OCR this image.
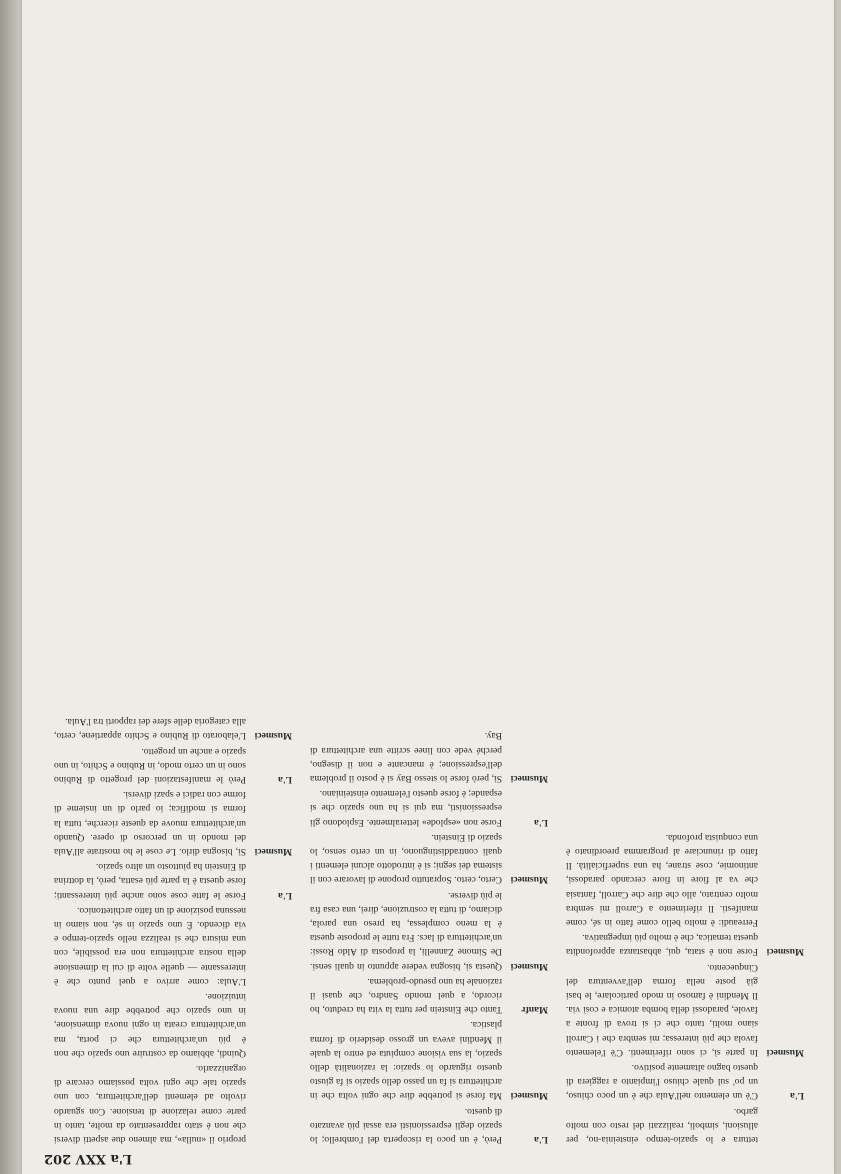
L'a XXV 202
tettura e lo spazio-tempo einsteinia-no, per allusioni, simboli, realizzati del resto con molto garbo.
L'a
C'è un elemento nell'Aula che è un poco chiuso, un po' sul quale chiuso l'impianto a raggiera di questo bagno altamente positivo.
Musmeci
In parte sì, ci sono riferimenti. C'è l'elemento favola che più interessa; mi sembra che i Carroll siano molti, tanto che ci si trova di fronte a favole, paradossi della bomba atomica e così via. Il Mendini è famoso in modo particolare, le basi già poste nella forma dell'avventura del Cinquecento.
Musmeci
Forse non è stata, qui, abbastanza approfondita questa tematica, che è molto più impegnativa.
Ferreaudi: è molto bello come fatto in sé, come manifesti. Il riferimento a Carroll mi sembra molto centrato, allo che dire che Carroll, fantasia che va al fiore in fiore cercando paradossi, antinomie, cose strane, ha una superficialità. Il fatto di rinunciare al programma preordinato è una conquista profonda.
L'a
Però, è un poco la riscoperta del l'ombrello; lo spazio degli espressionisti era assai più avanzato di questo.
Musmeci
Ma forse si potrebbe dire che ogni volta che in architettura si fa un passo dello spazio si fa giusto questo riguardo lo spazio: la razionalità dello spazio, la sua visione compiuta ed entro la quale il Mendini aveva un grosso desiderio di forma plastica.
Manfr
Tanto che Einstein per tutta la vita ha creduto, ho ricordo, a quel mondo Sandro, che quasi il razionale ha uno pseudo-problema.
Musmeci
Questa sì, bisogna vedere appunto in quali sensi. De Simone Zannelli, la proposta di Aldo Rossi: un'architettura di lacs. Fra tutte le proposte questa è la meno complessa, ha preso una parola, diciamo, di tutta la costruzione, direi, una casa fra le più diverse.
Musmeci
Certo, certo. Sopratutto propone di lavorare con il sistema dei segni; si è introdotto alcuni elementi i quali contraddistinguono, in un certo senso, lo spazio di Einstein.
L'a
Forse non «esplode» letteralmente. Esplodono gli espressionisti, ma qui si ha uno spazio che si espande; è forse questo l'elemento einsteiniano.
Musmeci
Sì, però forse lo stesso Bay si è posto il problema dell'espressione; è mancante e non il disegno, perché vede con linee scritte una architettura di Bay.
proprio il «nulla», ma almeno due aspetti diversi che non è stato rappresentato da molte, tanto in parte come relazione di tensione. Con sguardo rivolto ad elementi dell'architettura, con uno spazio tale che ogni volta possiamo cercare di organizzarlo.
Quindi, abbiamo da costruire uno spazio che non è più un'architettura che ci porta, ma un'architettura creata in ogni nuova dimensione, in uno spazio che potrebbe dire una nuova intuizione.
L'Aula: come arrivo a quel punto che è interessante — quelle volte di cui la dimensione della nostra architettura non era possibile, con una misura che si realizza nello spazio-tempo e via dicendo. È uno spazio in sé, non siamo in nessuna posizione di un fatto architettonico.
L'a
Forse le fatte cose sono anche più interessanti; forse questa è la parte più esatta, però, la dottrina di Einstein ha piuttosto un altro spazio.
Musmeci
Sì, bisogna dirlo. Le cose le ho mostrate all'Aula del mondo in un percorso di opere. Quando un'architettura muove da queste ricerche, tutta la forma si modifica; io parlo di un insieme di forme con radici e spazi diversi.
L'a
Però le manifestazioni del progetto di Rubino sono in un certo modo, in Rubino e Schito, in uno spazio e anche un progetto.
Musmeci
L'elaborato di Rubino e Schito appartiene, certo, alla categoria delle sfere dei rapporti tra l'Aula.
